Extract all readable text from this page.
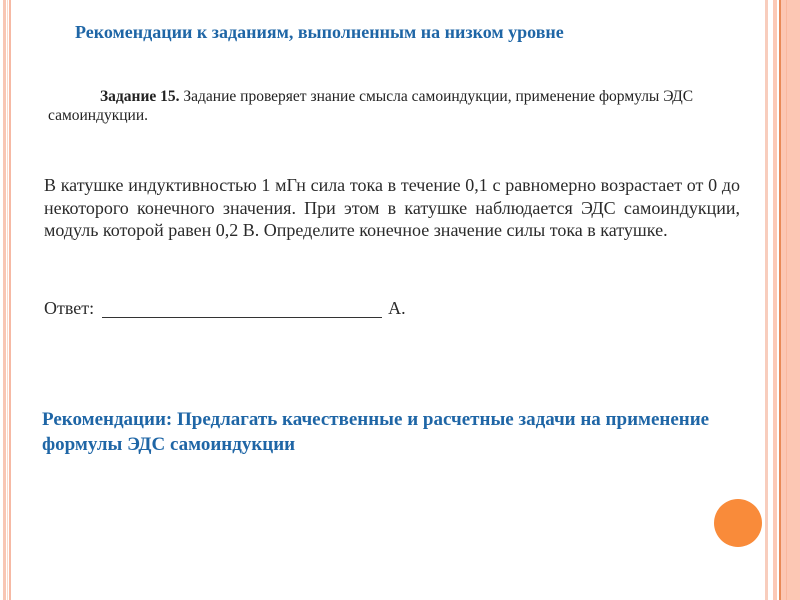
Рекомендации к заданиям, выполненным на низком уровне
Задание 15. Задание проверяет знание смысла самоиндукции, применение формулы ЭДС самоиндукции.
В катушке индуктивностью 1 мГн сила тока в течение 0,1 с равномерно возрастает от 0 до некоторого конечного значения. При этом в катушке наблюдается ЭДС самоиндукции, модуль которой равен 0,2 В. Определите конечное значение силы тока в катушке.
Ответ:	А.
Рекомендации: Предлагать качественные и расчетные задачи на применение формулы ЭДС самоиндукции
